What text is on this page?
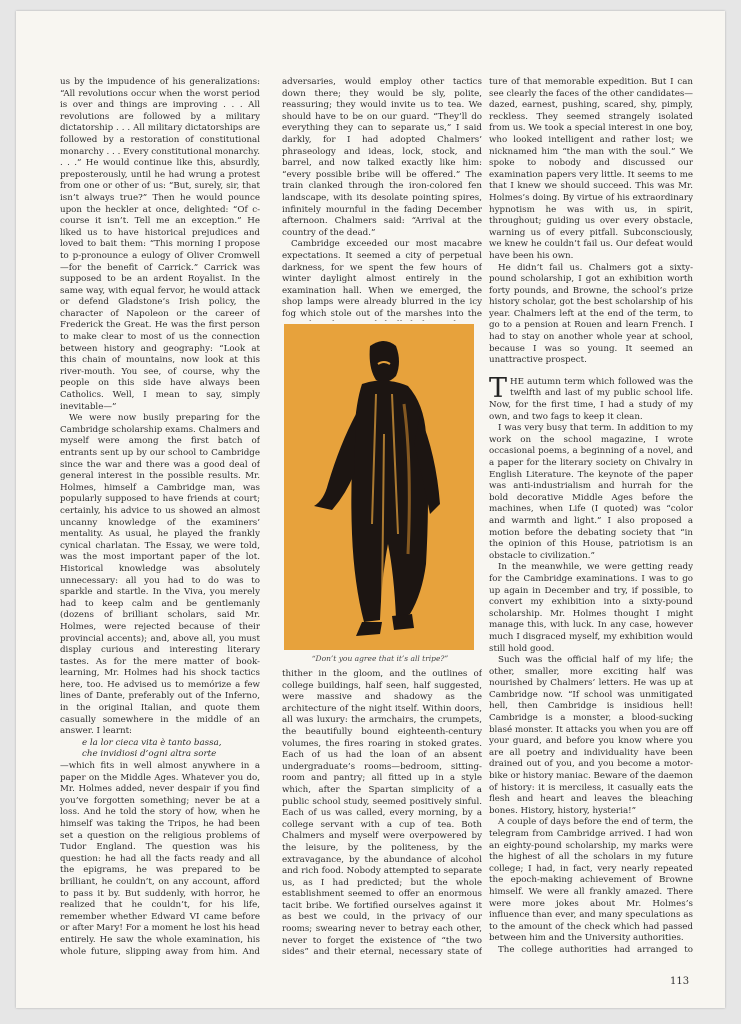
us by the impudence of his generalizations: “All revolutions occur when the worst period is over and things are improving . . . All revolutions are followed by a military dictatorship . . . All military dictatorships are followed by a restoration of constitutional monarchy . . . Every constitutional monarchy. . . .” He would continue like this, absurdly, preposterously, until he had wrung a protest from one or other of us: “But, surely, sir, that isn’t always true?” Then he would pounce upon the heckler at once, delighted: “Of c-course it isn’t. Tell me an exception.” He liked us to have historical prejudices and loved to bait them: “This morning I propose to p-pronounce a eulogy of Oliver Cromwell—for the benefit of Carrick.” Carrick was supposed to be an ardent Royalist. In the same way, with equal fervor, he would attack or defend Gladstone’s Irish policy, the character of Napoleon or the career of Frederick the Great. He was the first person to make clear to most of us the connection between history and geography: “Look at this chain of mountains, now look at this river-mouth. You see, of course, why the people on this side have always been Catholics. Well, I mean to say, simply inevitable—”

We were now busily preparing for the Cambridge scholarship exams. Chalmers and myself were among the first batch of entrants sent up by our school to Cambridge since the war and there was a good deal of general interest in the possible results. Mr. Holmes, himself a Cambridge man, was popularly supposed to have friends at court; certainly, his advice to us showed an almost uncanny knowledge of the examiners’ mentality. As usual, he played the frankly cynical charlatan. The Essay, we were told, was the most important paper of the lot. Historical knowledge was absolutely unnecessary: all you had to do was to sparkle and startle. In the Viva, you merely had to keep calm and be gentlemanly (dozens of brilliant scholars, said Mr. Holmes, were rejected because of their provincial accents); and, above all, you must display curious and interesting literary tastes. As for the mere matter of book-learning, Mr. Holmes had his shock tactics here, too. He advised us to memórize a few lines of Dante, preferably out of the Inferno, in the original Italian, and quote them casually somewhere in the middle of an answer. I learnt:

e la lor cieca vita è tanto bassa,

che invidiosi d’ogni altra sorte

—which fits in well almost anywhere in a paper on the Middle Ages. Whatever you do, Mr. Holmes added, never despair if you find you’ve forgotten something; never be at a loss. And he told the story of how, when he himself was taking the Tripos, he had been set a question on the religious problems of Tudor England. The question was his question: he had all the facts ready and all the epigrams, he was prepared to be brilliant, he couldn’t, on any account, afford to pass it by. But suddenly, with horror, he realized that he couldn’t, for his life, remember whether Edward VI came before or after Mary! For a moment he lost his head entirely. He saw the whole examination, his whole future, slipping away from him. And

adversaries, would employ other tactics down there; they would be sly, polite, reassuring; they would invite us to tea. We should have to be on our guard. “They’ll do everything they can to separate us,” I said darkly, for I had adopted Chalmers’ phraseology and ideas, lock, stock, and barrel, and now talked exactly like him: “every possible bribe will be offered.” The train clanked through the iron-colored fen landscape, with its desolate pointing spires, infinitely mournful in the fading December afternoon. Chalmers said: “Arrival at the country of the dead.”

Cambridge exceeded our most macabre expectations. It seemed a city of perpetual darkness, for we spent the few hours of winter daylight almost entirely in the examination hall. When we emerged, the shop lamps were already blurred in the icy fog which stole out of the marshes into the

“Don’t you agree that it’s all tripe?”

thither in the gloom, and the outlines of college buildings, half seen, half suggested, were massive and shadowy as the architecture of the night itself. Within doors, all was luxury: the armchairs, the crumpets, the beautifully bound eighteenth-century volumes, the fires roaring in stoked grates. Each of us had the loan of an absent undergraduate’s rooms—bedroom, sitting-room and pantry; all fitted up in a style which, after the Spartan simplicity of a public school study, seemed positively sinful. Each of us was called, every morning, by a college servant with a cup of tea. Both Chalmers and myself were overpowered by the leisure, by the politeness, by the extravagance, by the abundance of alcohol and rich food. Nobody attempted to separate us, as I had predicted; but the whole establishment seemed to offer an enormous tacit bribe. We fortified ourselves against it as best we could, in the privacy of our rooms; swearing never to betray each other, never to forget the existence of “the two sides” and their eternal, necessary state of

ture of that memorable expedition. But I can see clearly the faces of the other candidates—dazed, earnest, pushing, scared, shy, pimply, reckless. They seemed strangely isolated from us. We took a special interest in one boy, who looked intelligent and rather lost; we nicknamed him “the man with the soul.” We spoke to nobody and discussed our examination papers very little. It seems to me that I knew we should succeed. This was Mr. Holmes’s doing. By virtue of his extraordinary hypnotism he was with us, in spirit, throughout; guiding us over every obstacle, warning us of every pitfall. Subconsciously, we knew he couldn’t fail us. Our defeat would have been his own.

He didn’t fail us. Chalmers got a sixty-pound scholarship, I got an exhibition worth forty pounds, and Browne, the school’s prize history scholar, got the best scholarship of his year. Chalmers left at the end of the term, to go to a pension at Rouen and learn French. I had to stay on another whole year at school, because I was so young. It seemed an unattractive prospect.

THE autumn term which followed was the twelfth and last of my public school life. Now, for the first time, I had a study of my own, and two fags to keep it clean.

I was very busy that term. In addition to my work on the school magazine, I wrote occasional poems, a beginning of a novel, and a paper for the literary society on Chivalry in English Literature. The keynote of the paper was anti-industrialism and hurrah for the bold decorative Middle Ages before the machines, when Life (I quoted) was “color and warmth and light.” I also proposed a motion before the debating society that “in the opinion of this House, patriotism is an obstacle to civilization.”

In the meanwhile, we were getting ready for the Cambridge examinations. I was to go up again in December and try, if possible, to convert my exhibition into a sixty-pound scholarship. Mr. Holmes thought I might manage this, with luck. In any case, however much I disgraced myself, my exhibition would still hold good.

Such was the official half of my life; the other, smaller, more exciting half was nourished by Chalmers’ letters. He was up at Cambridge now. “If school was unmitigated hell, then Cambridge is insidious hell! Cambridge is a monster, a blood-sucking blasé monster. It attacks you when you are off your guard, and before you know where you are all poetry and individuality have been drained out of you, and you become a motor-bike or history maniac. Beware of the daemon of history: it is merciless, it casually eats the flesh and heart and leaves the bleaching bones. History, history, hysteria!”

A couple of days before the end of term, the telegram from Cambridge arrived. I had won an eighty-pound scholarship, my marks were the highest of all the scholars in my future college; I had, in fact, very nearly repeated the epoch-making achievement of Browne himself. We were all frankly amazed. There were more jokes about Mr. Holmes’s influence than ever, and many speculations as to the amount of the check which had passed between him and the University authorities.

The college authorities had arranged to

113
